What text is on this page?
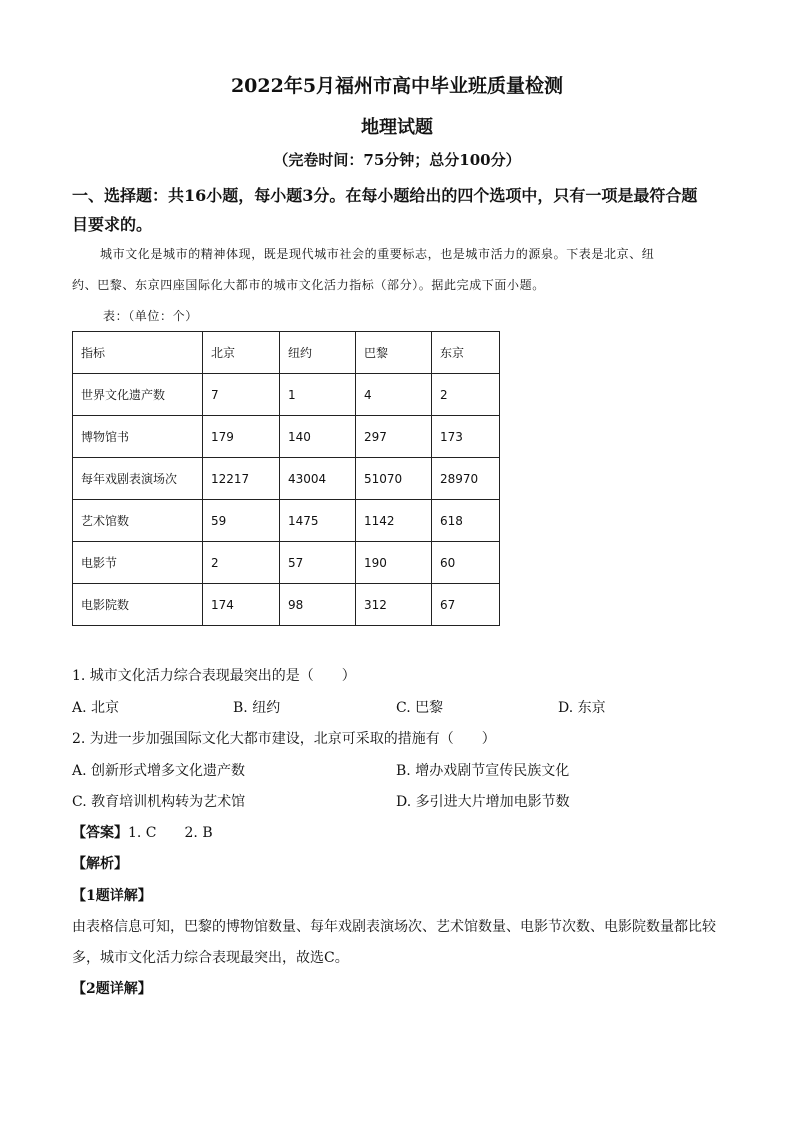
2022年5月福州市高中毕业班质量检测
地理试题
（完卷时间：75分钟；总分100分）
一、选择题：共16小题，每小题3分。在每小题给出的四个选项中，只有一项是最符合题
目要求的。
城市文化是城市的精神体现，既是现代城市社会的重要标志，也是城市活力的源泉。下表是北京、纽
约、巴黎、东京四座国际化大都市的城市文化活力指标（部分）。据此完成下面小题。
表：（单位：个）
指标	北京	纽约	巴黎	东京
世界文化遗产数	7	1	4	2
博物馆书	179	140	297	173
每年戏剧表演场次	12217	43004	51070	28970
艺术馆数	59	1475	1142	618
电影节	2	57	190	60
电影院数	174	98	312	67
1. 城市文化活力综合表现最突出的是（　　）
A. 北京	B. 纽约	C. 巴黎	D. 东京
2. 为进一步加强国际文化大都市建设，北京可采取的措施有（　　）
A. 创新形式增多文化遗产数	B. 增办戏剧节宣传民族文化
C. 教育培训机构转为艺术馆	D. 多引进大片增加电影节数
【答案】1. C　　2. B
【解析】
【1题详解】
由表格信息可知，巴黎的博物馆数量、每年戏剧表演场次、艺术馆数量、电影节次数、电影院数量都比较
多，城市文化活力综合表现最突出，故选C。
【2题详解】
